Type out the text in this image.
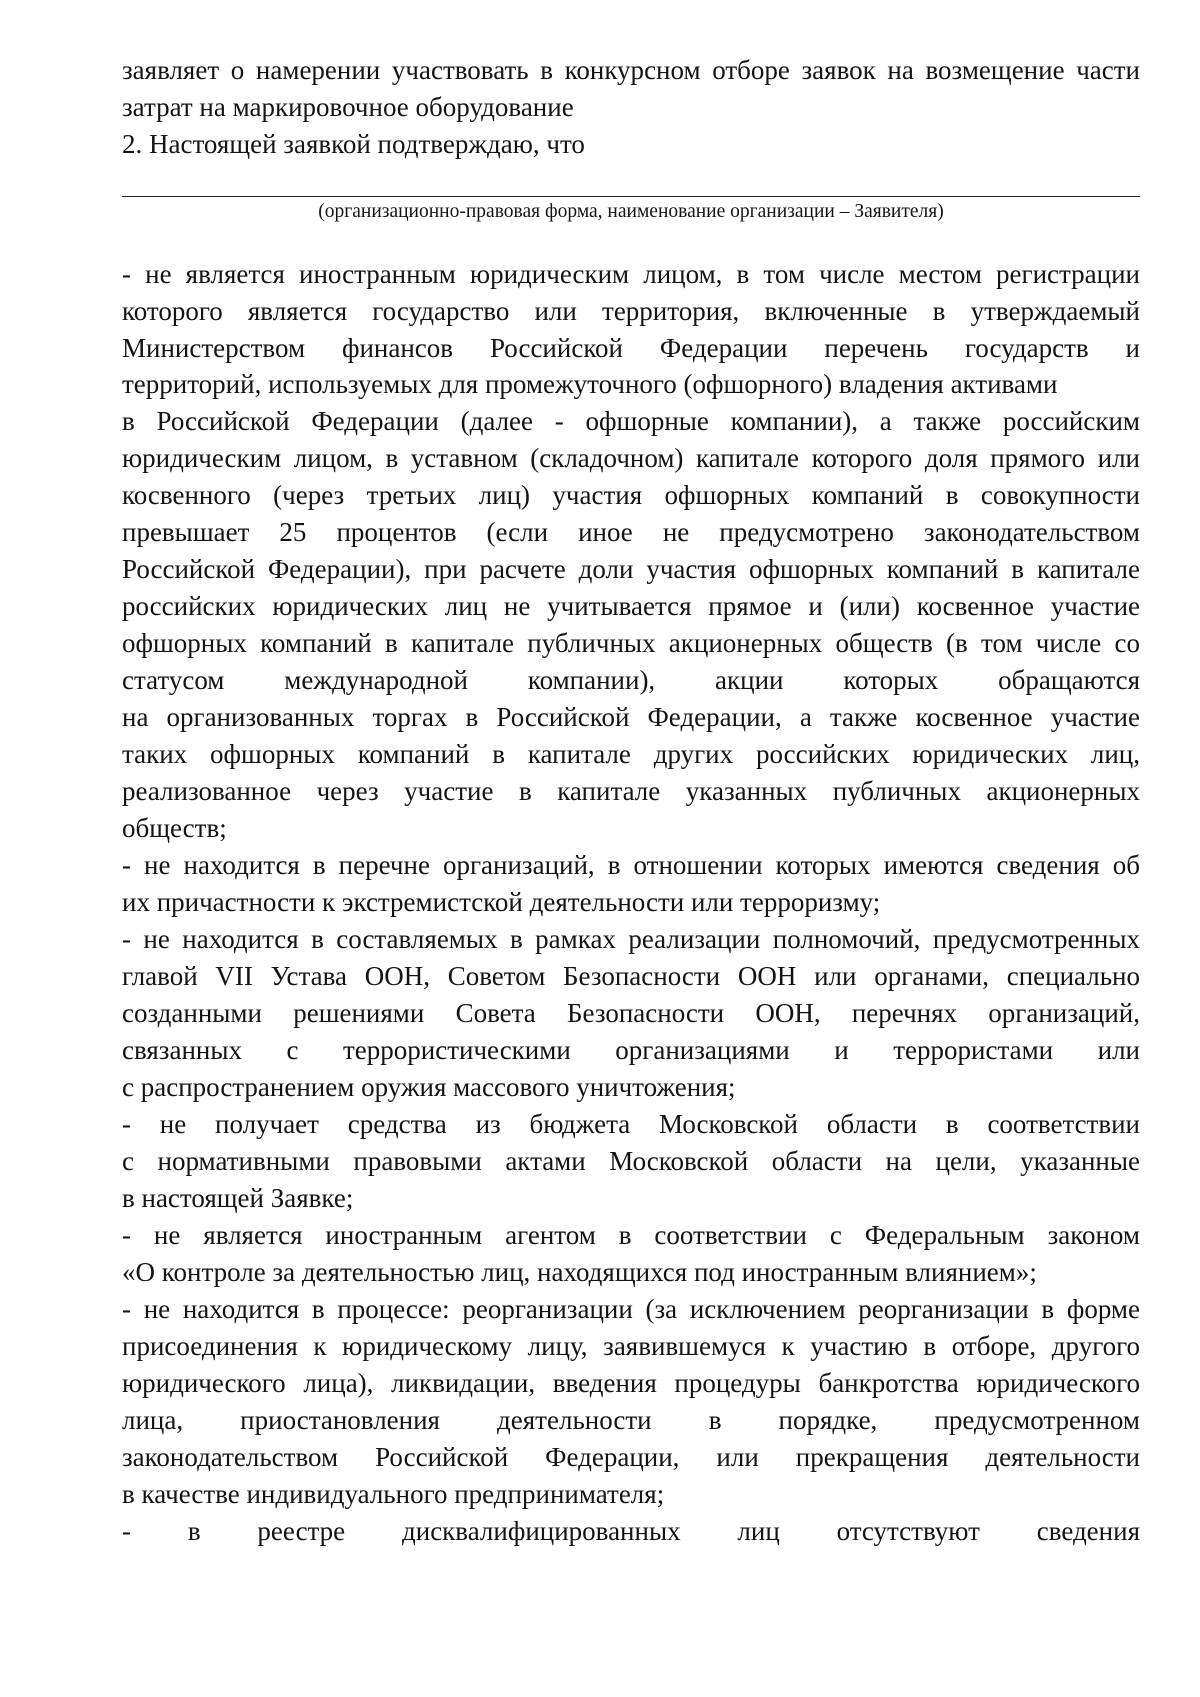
заявляет о намерении участвовать в конкурсном отборе заявок на возмещение части
затрат на маркировочное оборудование
2. Настоящей заявкой подтверждаю, что
(организационно-правовая форма, наименование организации – Заявителя)
- не является иностранным юридическим лицом, в том числе местом регистрации
которого является государство или территория, включенные в утверждаемый
Министерством финансов Российской Федерации перечень государств и
территорий, используемых для промежуточного (офшорного) владения активами
в Российской Федерации (далее - офшорные компании), а также российским
юридическим лицом, в уставном (складочном) капитале которого доля прямого или
косвенного (через третьих лиц) участия офшорных компаний в совокупности
превышает 25 процентов (если иное не предусмотрено законодательством
Российской Федерации), при расчете доли участия офшорных компаний в капитале
российских юридических лиц не учитывается прямое и (или) косвенное участие
офшорных компаний в капитале публичных акционерных обществ (в том числе со
статусом международной компании), акции которых обращаются
на организованных торгах в Российской Федерации, а также косвенное участие
таких офшорных компаний в капитале других российских юридических лиц,
реализованное через участие в капитале указанных публичных акционерных
обществ;
- не находится в перечне организаций, в отношении которых имеются сведения об
их причастности к экстремистской деятельности или терроризму;
- не находится в составляемых в рамках реализации полномочий, предусмотренных
главой VII Устава ООН, Советом Безопасности ООН или органами, специально
созданными решениями Совета Безопасности ООН, перечнях организаций,
связанных с террористическими организациями и террористами или
с распространением оружия массового уничтожения;
- не получает средства из бюджета Московской области в соответствии
с нормативными правовыми актами Московской области на цели, указанные
в настоящей Заявке;
- не является иностранным агентом в соответствии с Федеральным законом
«О контроле за деятельностью лиц, находящихся под иностранным влиянием»;
- не находится в процессе: реорганизации (за исключением реорганизации в форме
присоединения к юридическому лицу, заявившемуся к участию в отборе, другого
юридического лица), ликвидации, введения процедуры банкротства юридического
лица, приостановления деятельности в порядке, предусмотренном
законодательством Российской Федерации, или прекращения деятельности
в качестве индивидуального предпринимателя;
- в реестре дисквалифицированных лиц отсутствуют сведения
